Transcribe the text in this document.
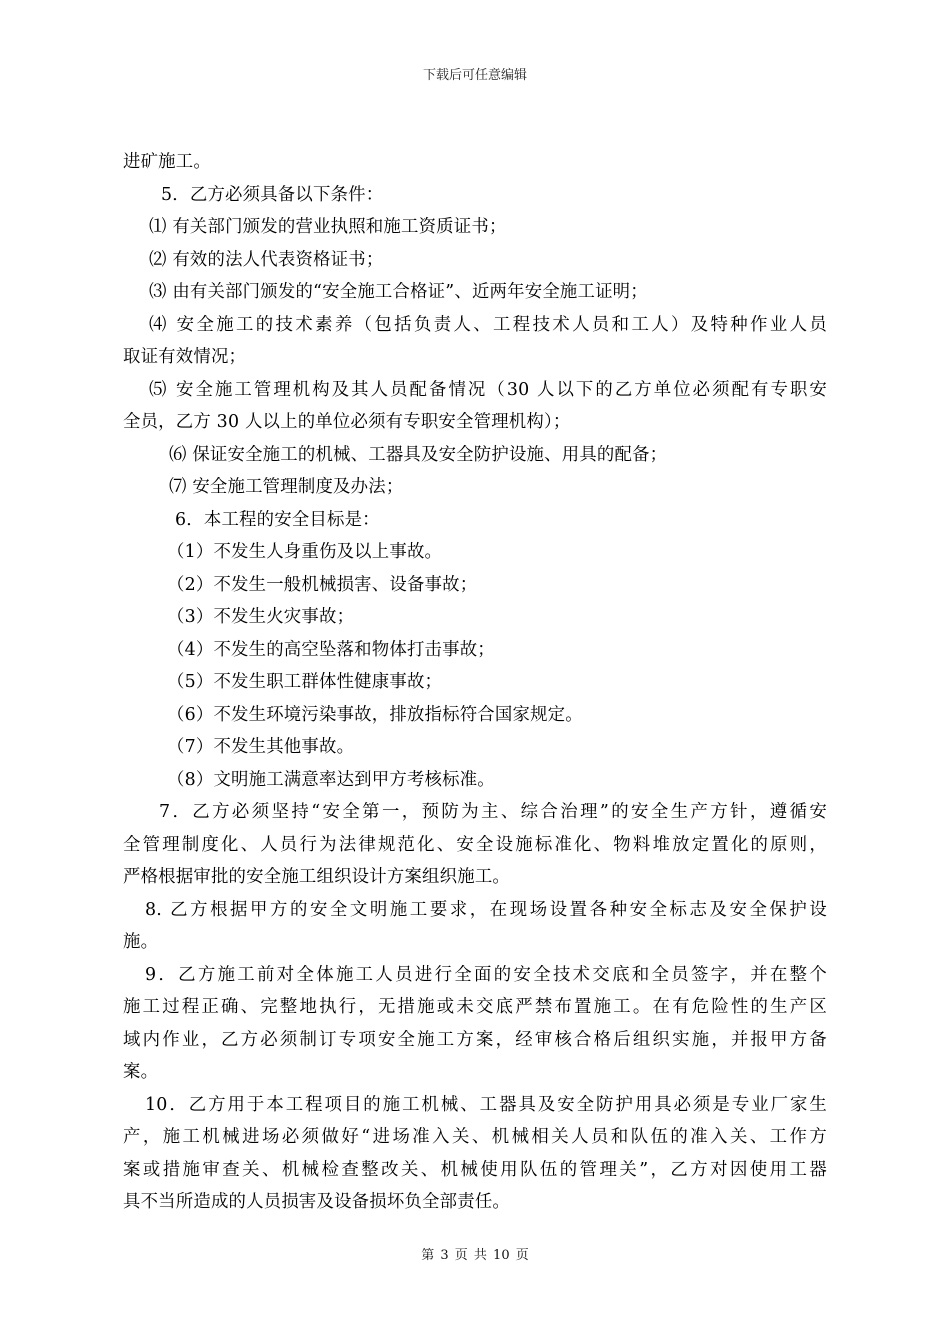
下载后可任意编辑
进矿施工。
5．乙方必须具备以下条件：
⑴ 有关部门颁发的营业执照和施工资质证书；
⑵ 有效的法人代表资格证书；
⑶ 由有关部门颁发的“安全施工合格证”、近两年安全施工证明；
⑷ 安全施工的技术素养（包括负责人、工程技术人员和工人）及特种作业人员
取证有效情况；
⑸ 安全施工管理机构及其人员配备情况（30 人以下的乙方单位必须配有专职安
全员，乙方 30 人以上的单位必须有专职安全管理机构）；
⑹ 保证安全施工的机械、工器具及安全防护设施、用具的配备；
⑺ 安全施工管理制度及办法；
6．本工程的安全目标是：
（1）不发生人身重伤及以上事故。
（2）不发生一般机械损害、设备事故；
（3）不发生火灾事故；
（4）不发生的高空坠落和物体打击事故；
（5）不发生职工群体性健康事故；
（6）不发生环境污染事故，排放指标符合国家规定。
（7）不发生其他事故。
（8）文明施工满意率达到甲方考核标准。
7．乙方必须坚持“安全第一，预防为主、综合治理”的安全生产方针，遵循安
全管理制度化、人员行为法律规范化、安全设施标准化、物料堆放定置化的原则，
严格根据审批的安全施工组织设计方案组织施工。
8. 乙方根据甲方的安全文明施工要求，在现场设置各种安全标志及安全保护设
施。
9．乙方施工前对全体施工人员进行全面的安全技术交底和全员签字，并在整个
施工过程正确、完整地执行，无措施或未交底严禁布置施工。在有危险性的生产区
域内作业，乙方必须制订专项安全施工方案，经审核合格后组织实施，并报甲方备
案。
10．乙方用于本工程项目的施工机械、工器具及安全防护用具必须是专业厂家生
产，施工机械进场必须做好“进场准入关、机械相关人员和队伍的准入关、工作方
案或措施审查关、机械检查整改关、机械使用队伍的管理关”，乙方对因使用工器
具不当所造成的人员损害及设备损坏负全部责任。
第 3 页 共 10 页
